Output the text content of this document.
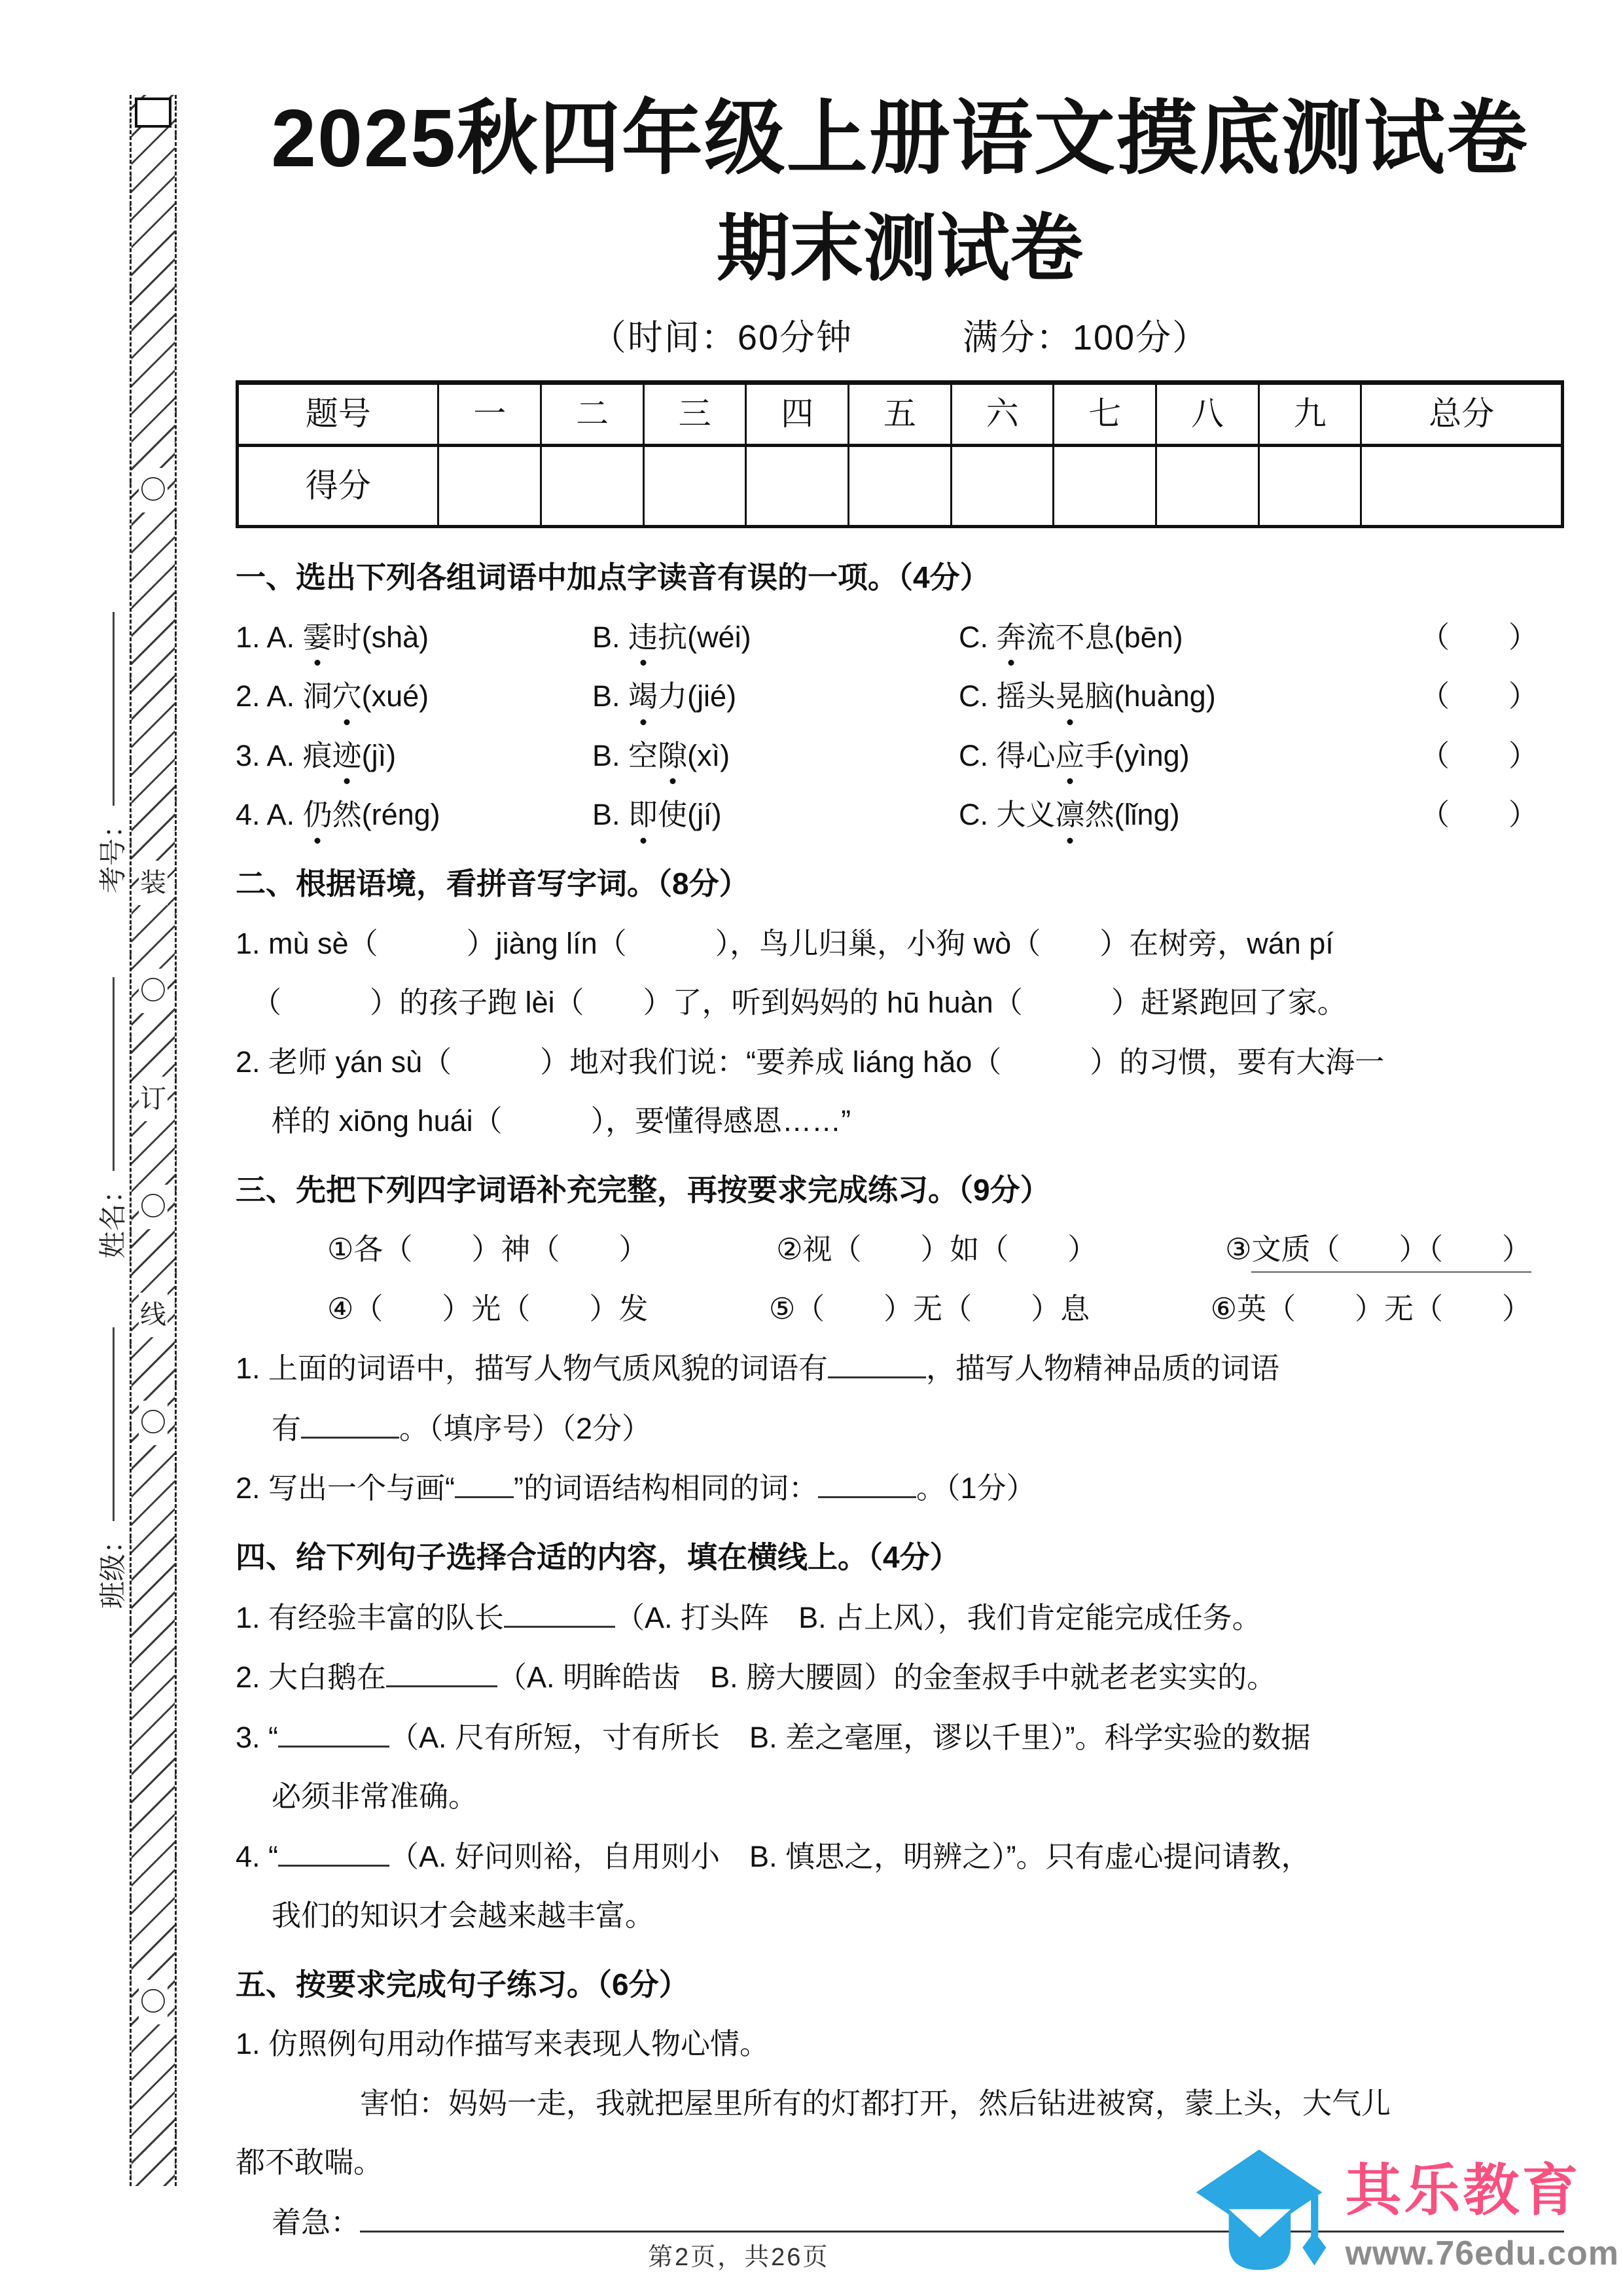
〇
装
〇
订
〇
线
〇
〇
考号：
姓名：
班级：
2025秋四年级上册语文摸底测试卷
期末测试卷
（时间：60分钟　　　满分：100分）
题号	一	二	三	四	五	六	七	八	九	总分
得分										
一、选出下列各组词语中加点字读音有误的一项。（4分）
1. A. 霎时(shà)	B. 违抗(wéi)	C. 奔流不息(bēn)	（　　）
2. A. 洞穴(xué)	B. 竭力(jié)	C. 摇头晃脑(huàng)	（　　）
3. A. 痕迹(jì)	B. 空隙(xì)	C. 得心应手(yìng)	（　　）
4. A. 仍然(réng)	B. 即使(jí)	C. 大义凛然(lǐng)	（　　）
二、根据语境，看拼音写字词。（8分）
1. mù sè（　　　）jiàng lín（　　　），鸟儿归巢，小狗 wò（　　）在树旁，wán pí
（　　　）的孩子跑 lèi（　　）了，听到妈妈的 hū huàn（　　　）赶紧跑回了家。
2. 老师 yán sù（　　　）地对我们说：“要养成 liáng hǎo（　　　）的习惯，要有大海一
样的 xiōng huái（　　　），要懂得感恩……”
三、先把下列四字词语补充完整，再按要求完成练习。（9分）
①各（　　）神（　　）	②视（　　）如（　　）	③文质（　　）（　　）
④（　　）光（　　）发	⑤（　　）无（　　）息	⑥英（　　）无（　　）
1. 上面的词语中，描写人物气质风貌的词语有	，描写人物精神品质的词语
有	。（填序号）（2分）
2. 写出一个与画“ ”的词语结构相同的词：	。（1分）
四、给下列句子选择合适的内容，填在横线上。（4分）
1. 有经验丰富的队长	（A. 打头阵　B. 占上风），我们肯定能完成任务。
2. 大白鹅在	（A. 明眸皓齿　B. 膀大腰圆）的金奎叔手中就老老实实的。
3. “	（A. 尺有所短，寸有所长　B. 差之毫厘，谬以千里）”。科学实验的数据
必须非常准确。
4. “	（A. 好问则裕，自用则小　B. 慎思之，明辨之）”。只有虚心提问请教，
我们的知识才会越来越丰富。
五、按要求完成句子练习。（6分）
1. 仿照例句用动作描写来表现人物心情。
害怕：妈妈一走，我就把屋里所有的灯都打开，然后钻进被窝，蒙上头，大气儿
都不敢喘。
着急：
第2页，共26页
其乐教育
www.76edu.com
